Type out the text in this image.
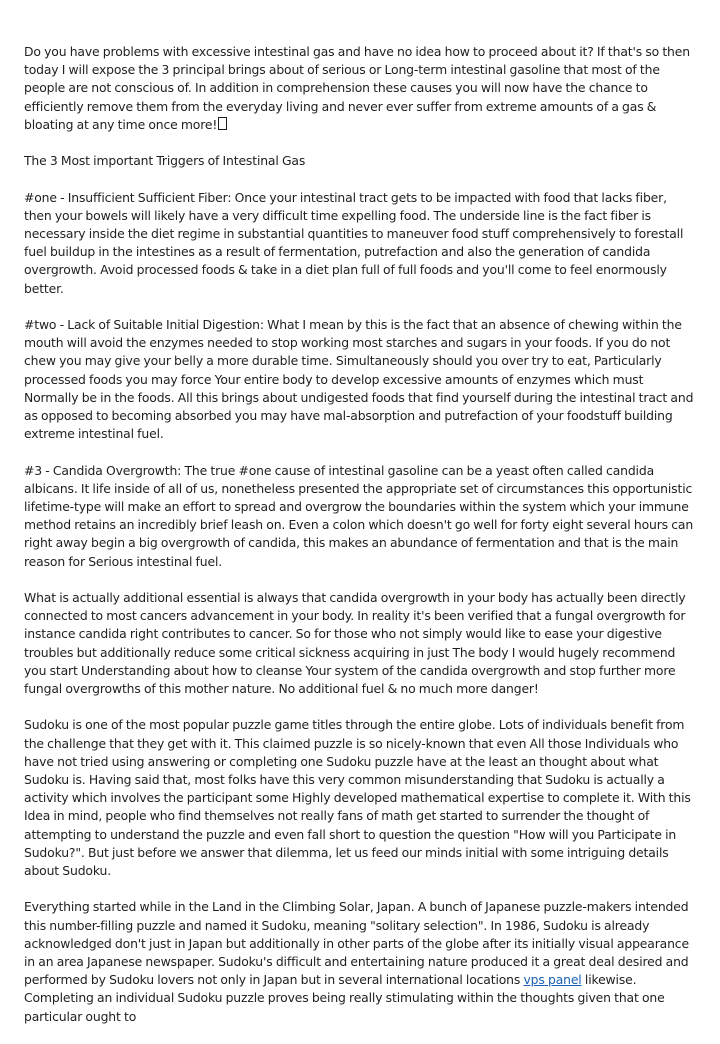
Do you have problems with excessive intestinal gas and have no idea how to proceed about it? If that's so then today I will expose the 3 principal brings about of serious or Long-term intestinal gasoline that most of the people are not conscious of. In addition in comprehension these causes you will now have the chance to efficiently remove them from the everyday living and never ever suffer from extreme amounts of a gas & bloating at any time once more!

The 3 Most important Triggers of Intestinal Gas

#one - Insufficient Sufficient Fiber: Once your intestinal tract gets to be impacted with food that lacks fiber, then your bowels will likely have a very difficult time expelling food. The underside line is the fact fiber is necessary inside the diet regime in substantial quantities to maneuver food stuff comprehensively to forestall fuel buildup in the intestines as a result of fermentation, putrefaction and also the generation of candida overgrowth. Avoid processed foods & take in a diet plan full of full foods and you'll come to feel enormously better.

#two - Lack of Suitable Initial Digestion: What I mean by this is the fact that an absence of chewing within the mouth will avoid the enzymes needed to stop working most starches and sugars in your foods. If you do not chew you may give your belly a more durable time. Simultaneously should you over try to eat, Particularly processed foods you may force Your entire body to develop excessive amounts of enzymes which must Normally be in the foods. All this brings about undigested foods that find yourself during the intestinal tract and as opposed to becoming absorbed you may have mal-absorption and putrefaction of your foodstuff building extreme intestinal fuel.

#3 - Candida Overgrowth: The true #one cause of intestinal gasoline can be a yeast often called candida albicans. It life inside of all of us, nonetheless presented the appropriate set of circumstances this opportunistic lifetime-type will make an effort to spread and overgrow the boundaries within the system which your immune method retains an incredibly brief leash on. Even a colon which doesn't go well for forty eight several hours can right away begin a big overgrowth of candida, this makes an abundance of fermentation and that is the main reason for Serious intestinal fuel.

What is actually additional essential is always that candida overgrowth in your body has actually been directly connected to most cancers advancement in your body. In reality it's been verified that a fungal overgrowth for instance candida right contributes to cancer. So for those who not simply would like to ease your digestive troubles but additionally reduce some critical sickness acquiring in just The body I would hugely recommend you start Understanding about how to cleanse Your system of the candida overgrowth and stop further more fungal overgrowths of this mother nature. No additional fuel & no much more danger!

Sudoku is one of the most popular puzzle game titles through the entire globe. Lots of individuals benefit from the challenge that they get with it. This claimed puzzle is so nicely-known that even All those Individuals who have not tried using answering or completing one Sudoku puzzle have at the least an thought about what Sudoku is. Having said that, most folks have this very common misunderstanding that Sudoku is actually a activity which involves the participant some Highly developed mathematical expertise to complete it. With this Idea in mind, people who find themselves not really fans of math get started to surrender the thought of attempting to understand the puzzle and even fall short to question the question "How will you Participate in Sudoku?". But just before we answer that dilemma, let us feed our minds initial with some intriguing details about Sudoku.

Everything started while in the Land in the Climbing Solar, Japan. A bunch of Japanese puzzle-makers intended this number-filling puzzle and named it Sudoku, meaning "solitary selection". In 1986, Sudoku is already acknowledged don't just in Japan but additionally in other parts of the globe after its initially visual appearance in an area Japanese newspaper. Sudoku's difficult and entertaining nature produced it a great deal desired and performed by Sudoku lovers not only in Japan but in several international locations vps panel likewise. Completing an individual Sudoku puzzle proves being really stimulating within the thoughts given that one particular ought to
